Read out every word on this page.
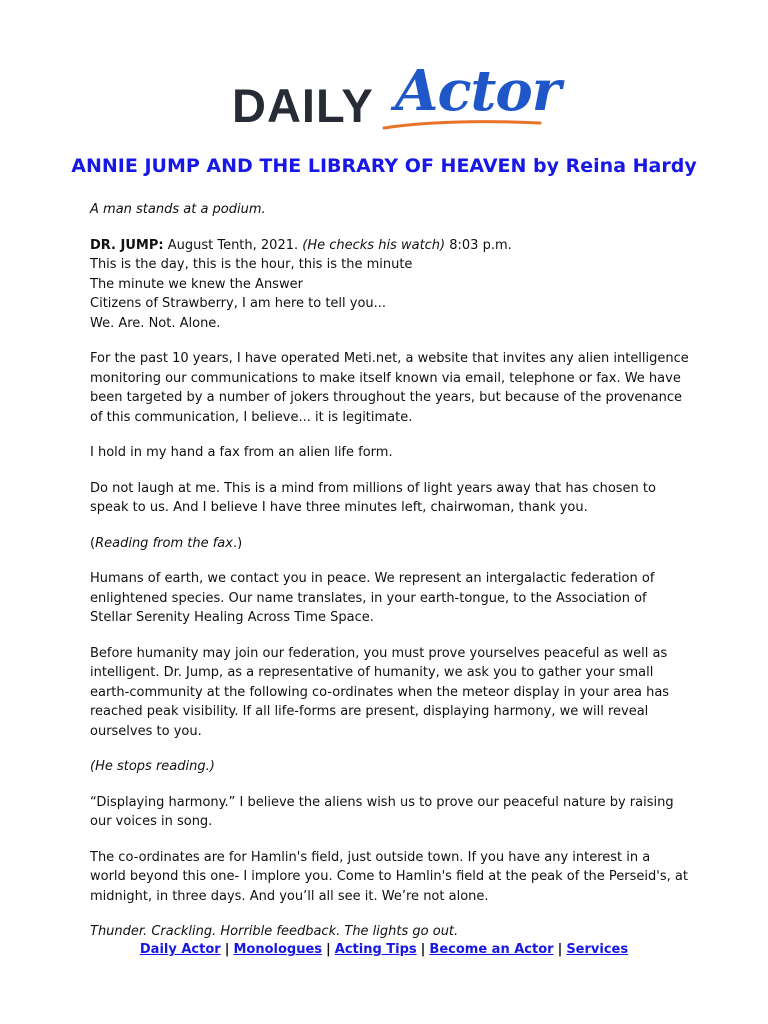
DAILY Actor
ANNIE JUMP AND THE LIBRARY OF HEAVEN by Reina Hardy

A man stands at a podium.

DR. JUMP: August Tenth, 2021. (He checks his watch) 8:03 p.m.
This is the day, this is the hour, this is the minute
The minute we knew the Answer
Citizens of Strawberry, I am here to tell you...
We. Are. Not. Alone.

For the past 10 years, I have operated Meti.net, a website that invites any alien intelligence monitoring our communications to make itself known via email, telephone or fax. We have been targeted by a number of jokers throughout the years, but because of the provenance of this communication, I believe... it is legitimate.

I hold in my hand a fax from an alien life form.

Do not laugh at me. This is a mind from millions of light years away that has chosen to speak to us. And I believe I have three minutes left, chairwoman, thank you.

(Reading from the fax.)

Humans of earth, we contact you in peace. We represent an intergalactic federation of enlightened species. Our name translates, in your earth-tongue, to the Association of Stellar Serenity Healing Across Time Space.

Before humanity may join our federation, you must prove yourselves peaceful as well as intelligent. Dr. Jump, as a representative of humanity, we ask you to gather your small earth-community at the following co-ordinates when the meteor display in your area has reached peak visibility. If all life-forms are present, displaying harmony, we will reveal ourselves to you.

(He stops reading.)

“Displaying harmony.” I believe the aliens wish us to prove our peaceful nature by raising our voices in song.

The co-ordinates are for Hamlin's field, just outside town. If you have any interest in a world beyond this one- I implore you. Come to Hamlin's field at the peak of the Perseid's, at midnight, in three days. And you’ll all see it. We’re not alone.

Thunder. Crackling. Horrible feedback. The lights go out.

Daily Actor | Monologues | Acting Tips | Become an Actor | Services
